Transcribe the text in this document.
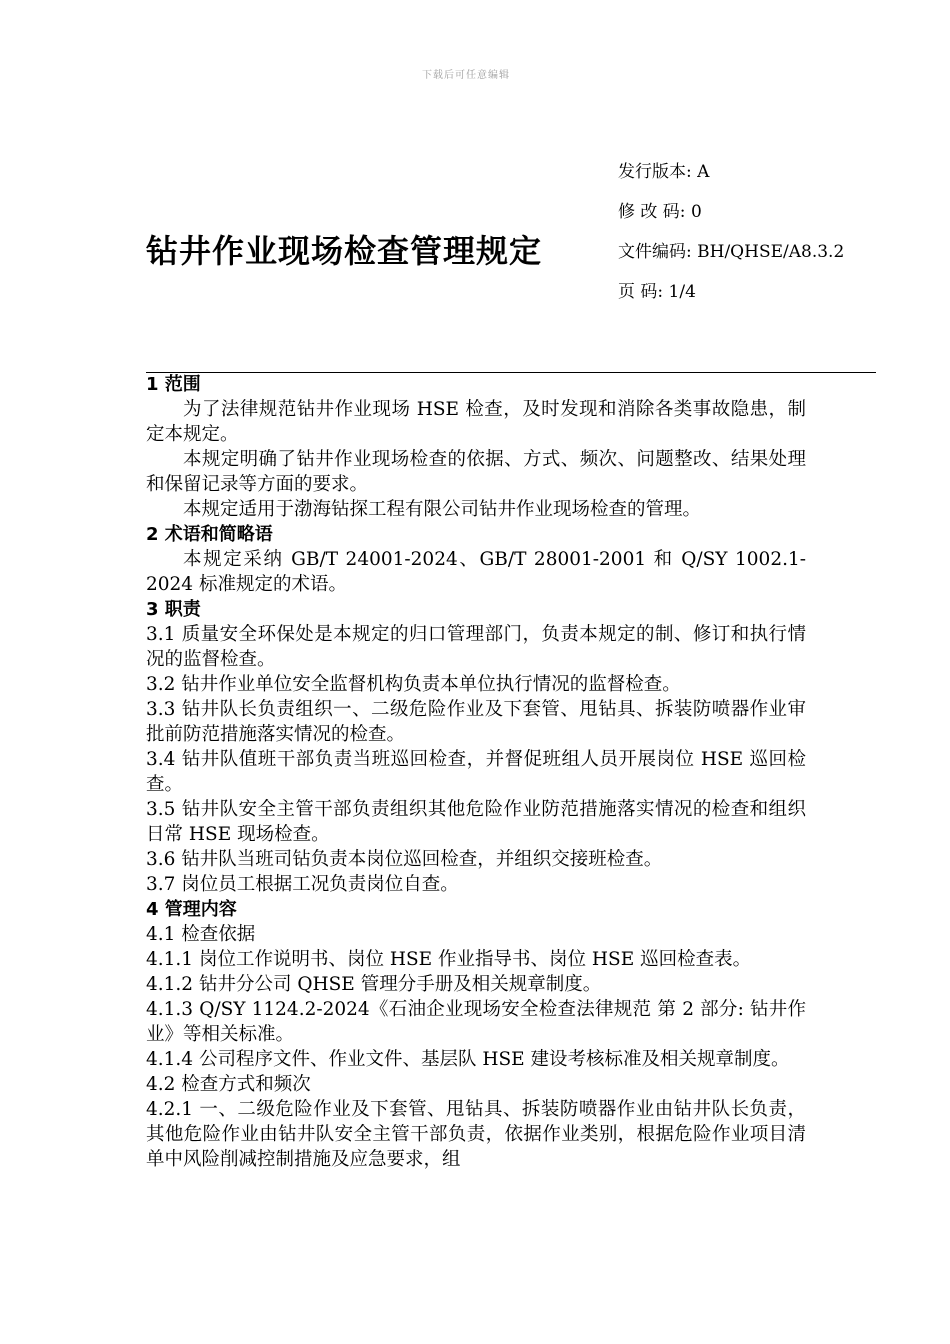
下载后可任意编辑
钻井作业现场检查管理规定
发行版本: A
修 改 码: 0
文件编码: BH/QHSE/A8.3.2
页 码: 1/4

1 范围

为了法律规范钻井作业现场 HSE 检查，及时发现和消除各类事故隐患，制定本规定。

本规定明确了钻井作业现场检查的依据、方式、频次、问题整改、结果处理和保留记录等方面的要求。

本规定适用于渤海钻探工程有限公司钻井作业现场检查的管理。

2 术语和简略语

本规定采纳 GB/T 24001-2024、GB/T 28001-2001 和 Q/SY 1002.1-2024 标准规定的术语。

3 职责

3.1 质量安全环保处是本规定的归口管理部门，负责本规定的制、修订和执行情况的监督检查。

3.2 钻井作业单位安全监督机构负责本单位执行情况的监督检查。

3.3 钻井队长负责组织一、二级危险作业及下套管、甩钻具、拆装防喷器作业审批前防范措施落实情况的检查。

3.4 钻井队值班干部负责当班巡回检查，并督促班组人员开展岗位 HSE 巡回检查。

3.5 钻井队安全主管干部负责组织其他危险作业防范措施落实情况的检查和组织日常 HSE 现场检查。

3.6 钻井队当班司钻负责本岗位巡回检查，并组织交接班检查。

3.7 岗位员工根据工况负责岗位自查。

4 管理内容

4.1 检查依据

4.1.1 岗位工作说明书、岗位 HSE 作业指导书、岗位 HSE 巡回检查表。

4.1.2 钻井分公司 QHSE 管理分手册及相关规章制度。

4.1.3 Q/SY 1124.2-2024《石油企业现场安全检查法律规范 第 2 部分: 钻井作业》等相关标准。

4.1.4 公司程序文件、作业文件、基层队 HSE 建设考核标准及相关规章制度。

4.2 检查方式和频次

4.2.1 一、二级危险作业及下套管、甩钻具、拆装防喷器作业由钻井队长负责，其他危险作业由钻井队安全主管干部负责，依据作业类别，根据危险作业项目清单中风险削减控制措施及应急要求，组
